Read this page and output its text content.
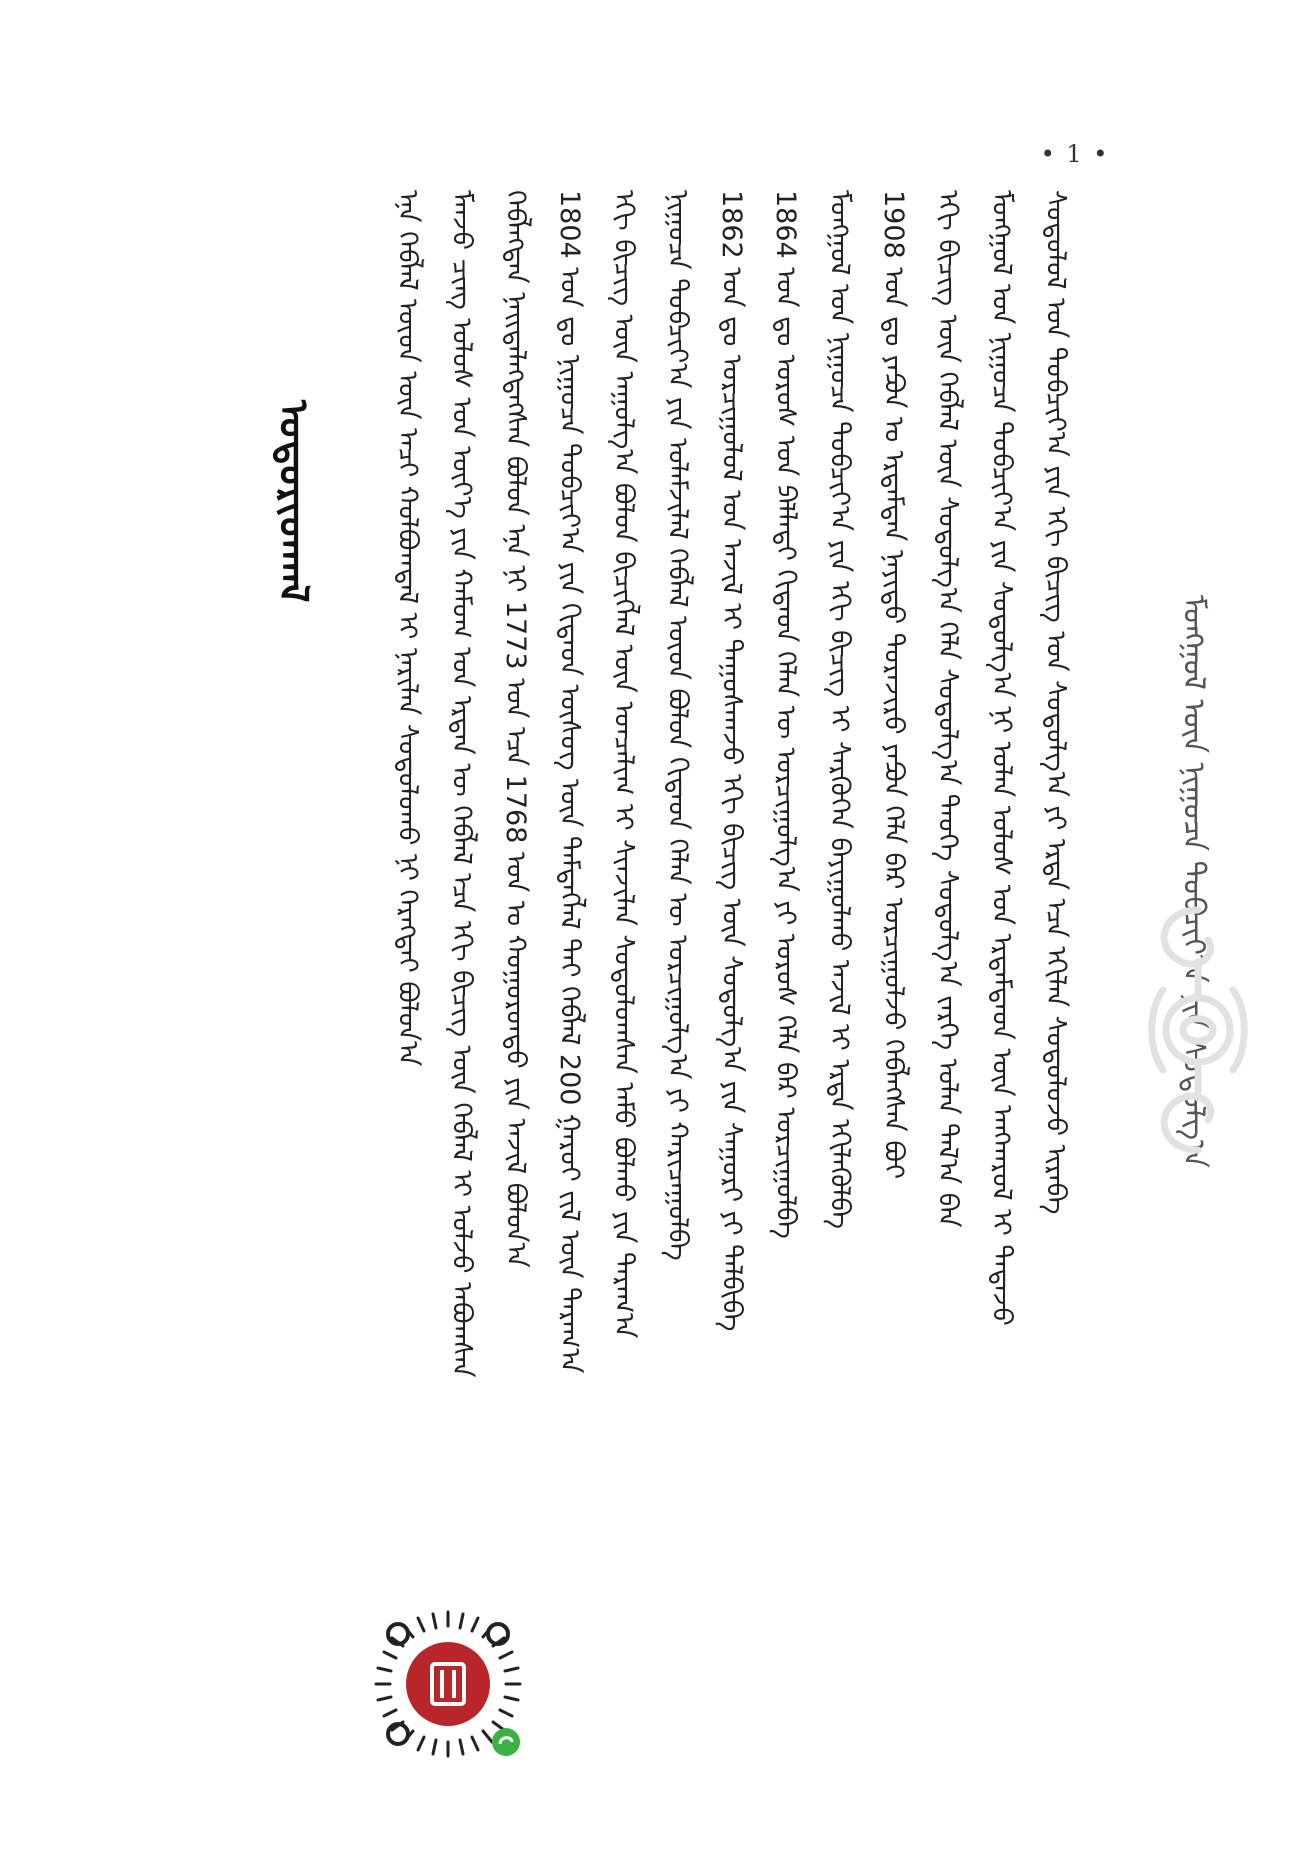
• 1 •
ᠮᠣᠩᠭᠣᠯ ᠦᠨ ᠨᠢᠭᠤᠴᠠ ᠲᠣᠪᠴᠢᠶ᠎ᠠ ᠶᠢᠨ ᠰᠤᠳᠤᠯᠭ᠎ᠠ
ᠰᠤᠳᠤᠯᠤᠯ ᠤᠨ ᠲᠣᠪᠴᠢᠶ᠎ᠠ ᠶᠢᠨ ᠡᠬᠢ ᠪᠢᠴᠢᠭ ᠤᠨ ᠰᠤᠳᠤᠯᠭ᠎ᠠ ᠶᠢ ᠡᠷᠲᠡ ᠡᠴᠡ ᠡᠬᠢᠯᠡᠨ ᠰᠤᠳᠤᠯᠤᠵᠤ ᠢᠷᠡᠪᠡ
ᠮᠣᠩᠭᠣᠯ ᠤᠨ ᠨᠢᠭᠤᠴᠠ ᠲᠣᠪᠴᠢᠶ᠎ᠠ ᠶᠢᠨ ᠰᠤᠳᠤᠯᠭ᠎ᠠ ᠨᠢ ᠣᠯᠠᠨ ᠤᠯᠤᠰ ᠤᠨ ᠡᠷᠳᠡᠮᠲᠡᠳ ᠦᠨ ᠠᠩᠬᠠᠷᠤᠯ ᠢ ᠲᠠᠲᠠᠵᠤ
ᠡᠬᠢ ᠪᠢᠴᠢᠭ ᠦᠨ ᠬᠡᠪᠯᠡᠯ ᠦᠨ ᠰᠤᠳᠤᠯᠭ᠎ᠠ ᠬᠡᠯᠡ ᠰᠤᠳᠤᠯᠭ᠎ᠠ ᠲᠡᠦᠬᠡ ᠰᠤᠳᠤᠯᠭ᠎ᠠ ᠵᠡᠷᠭᠡ ᠤᠯᠠᠨ ᠲᠠᠯ᠎ᠠ ᠪᠠᠨ
1908 ᠣᠨ ᠳᠤ ᠶᠠᠫᠣᠨ ᠤ ᠡᠷᠳᠡᠮᠲᠡᠨ ᠨᠠᠶᠢᠲᠣ ᠲᠣᠷᠠᠵᠢᠷᠣ ᠶᠠᠫᠣᠨ ᠬᠡᠯᠡ ᠪᠡᠷ ᠣᠷᠴᠢᠭᠤᠯᠵᠤ ᠬᠡᠪᠯᠡᠭᠰᠡᠨ ᠪᠤᠢ
ᠮᠣᠩᠭᠣᠯ ᠤᠨ ᠨᠢᠭᠤᠴᠠ ᠲᠣᠪᠴᠢᠶ᠎ᠠ ᠶᠢᠨ ᠡᠬᠢ ᠪᠢᠴᠢᠭ ᠢ ᠰᠡᠷᠭᠦᠭᠡᠨ ᠪᠠᠶᠢᠭᠤᠯᠬᠤ ᠠᠵᠢᠯ ᠢ ᠡᠷᠲᠡ ᠡᠬᠢᠯᠡᠭᠦᠯᠪᠡ
1864 ᠣᠨ ᠳᠤ ᠣᠷᠣᠰ ᠤᠨ ᠫᠠᠯᠯᠠᠳᠢ ᠬᠢᠲᠠᠳ ᠬᠡᠯᠡᠨ ᠦ ᠣᠷᠴᠢᠭᠤᠯᠭ᠎ᠠ ᠶᠢ ᠣᠷᠣᠰ ᠬᠡᠯᠡ ᠪᠡᠷ ᠣᠷᠴᠢᠭᠤᠯᠪᠠ
1862 ᠣᠨ ᠳᠤ ᠣᠷᠴᠢᠭᠤᠯᠤᠯ ᠤᠨ ᠠᠵᠢᠯ ᠢ ᠳᠠᠭᠤᠰᠬᠠᠵᠤ ᠡᠬᠢ ᠪᠢᠴᠢᠭ ᠦᠨ ᠰᠤᠳᠤᠯᠭ᠎ᠠ ᠶᠢᠨ ᠰᠠᠭᠤᠷᠢ ᠶᠢ ᠲᠠᠯᠪᠢᠪᠠ
ᠨᠢᠭᠤᠴᠠ ᠲᠣᠪᠴᠢᠶ᠎ᠠ ᠶᠢᠨ ᠤᠯᠠᠮᠵᠢᠯᠠᠯ ᠬᠡᠪᠯᠡᠯ ᠦᠳ ᠪᠣᠯᠤᠨ ᠬᠢᠲᠠᠳ ᠬᠡᠯᠡᠨ ᠦ ᠣᠷᠴᠢᠭᠤᠯᠭ᠎ᠠ ᠶᠢ ᠬᠠᠷᠢᠴᠠᠭᠤᠯᠪᠠ
ᠡᠬᠢ ᠪᠢᠴᠢᠭ ᠦᠨ ᠠᠭᠤᠯᠭ᠎ᠠ ᠪᠣᠯᠤᠨ ᠪᠢᠴᠢᠭᠯᠡᠯ ᠦᠨ ᠣᠨᠴᠠᠯᠢᠭ ᠢ ᠰᠢᠨᠵᠢᠯᠡᠨ ᠰᠤᠳᠤᠯᠤᠭᠰᠠᠨ ᠠᠮᠤ ᠪᠣᠯᠬᠤ ᠶᠢᠨ ᠳᠠᠷᠠᠭ᠎ᠠ
1804 ᠣᠨ ᠳᠤ ᠨᠢᠭᠤᠴᠠ ᠲᠣᠪᠴᠢᠶ᠎ᠠ ᠶᠢᠨ ᠬᠢᠲᠠᠳ ᠦᠰᠦᠭ ᠦᠨ ᠲᠡᠮᠳᠡᠭᠯᠡᠯ ᠲᠡᠢ ᠬᠡᠪᠯᠡᠯ 200 ᠭᠠᠷᠤᠢ ᠵᠢᠯ ᠦᠨ ᠳᠠᠷᠠᠭ᠎ᠠ
ᠬᠡᠪᠯᠡᠭᠳᠡᠨ ᠨᠡᠢᠲᠡᠯᠡᠭᠳᠡᠭᠰᠡᠨ ᠪᠣᠯᠤᠨ ᠡᠨᠡ ᠨᠢ 1773 ᠣᠨ ᠡᠴᠡ 1768 ᠣᠨ ᠤ ᠬᠣᠭᠣᠷᠣᠨᠳᠤ ᠶᠢᠨ ᠠᠵᠢᠯ ᠪᠣᠯᠤᠨ᠎ᠠ
ᠮᠠᠨᠵᠤ ᠴᠢᠩ ᠤᠯᠤᠰ ᠤᠨ ᠦᠶ᠎ᠡ ᠶᠢᠨ ᠬᠠᠮᠤᠭ ᠤᠨ ᠡᠷᠲᠡᠨ ᠦ ᠬᠡᠪᠯᠡᠯ ᠡᠴᠡ ᠡᠬᠢ ᠪᠢᠴᠢᠭ ᠦᠨ ᠬᠡᠪᠯᠡᠯ ᠢ ᠣᠯᠵᠤ ᠠᠪᠤᠭᠰᠠᠨ
ᠡᠨᠡ ᠬᠡᠪᠯᠡᠯ ᠦᠳ ᠦᠨ ᠠᠴᠢ ᠬᠣᠯᠪᠣᠭᠳᠠᠯ ᠢ ᠨᠠᠷᠢᠯᠠᠨ ᠰᠤᠳᠤᠯᠤᠬᠤ ᠨᠢ ᠬᠡᠷᠡᠭᠲᠡᠢ ᠪᠣᠯᠤᠨ᠎ᠠ
ᠤᠳᠤᠷᠢᠳᠬᠠᠯ
